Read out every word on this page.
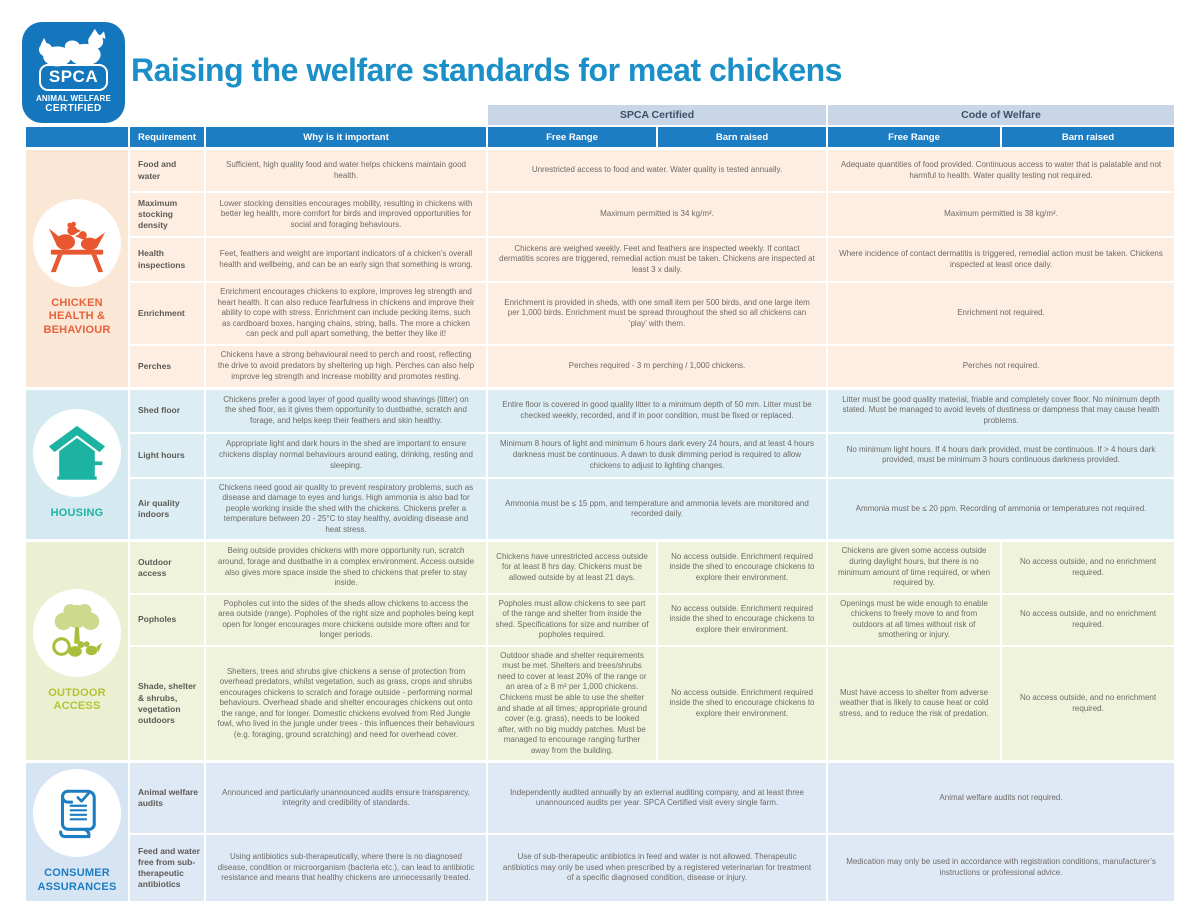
SPCA
ANIMAL WELFARE
CERTIFIED
Raising the welfare standards for meat chickens
			SPCA Certified		Code of Welfare	
	Requirement	Why is it important	Free Range	Barn raised	Free Range	Barn raised

CHICKEN HEALTH & BEHAVIOUR	Food and water	Sufficient, high quality food and water helps chickens maintain good health.	Unrestricted access to food and water. Water quality is tested annually.		Adequate quantities of food provided. Continuous access to water that is palatable and not harmful to health. Water quality testing not required.	
	Maximum stocking density	Lower stocking densities encourages mobility, resulting in chickens with better leg health, more comfort for birds and improved opportunities for social and foraging behaviours.	Maximum permitted is 34 kg/m².		Maximum permitted is 38 kg/m².	
	Health inspections	Feet, feathers and weight are important indicators of a chicken’s overall health and wellbeing, and can be an early sign that something is wrong.	Chickens are weighed weekly. Feet and feathers are inspected weekly. If contact dermatitis scores are triggered, remedial action must be taken. Chickens are inspected at least 3 x daily.		Where incidence of contact dermatitis is triggered, remedial action must be taken. Chickens inspected at least once daily.	
	Enrichment	Enrichment encourages chickens to explore, improves leg strength and heart health. It can also reduce fearfulness in chickens and improve their ability to cope with stress. Enrichment can include pecking items, such as cardboard boxes, hanging chains, string, balls. The more a chicken can peck and pull apart something, the better they like it!	Enrichment is provided in sheds, with one small item per 500 birds, and one large item per 1,000 birds. Enrichment must be spread throughout the shed so all chickens can ‘play’ with them.		Enrichment not required.	
	Perches	Chickens have a strong behavioural need to perch and roost, reflecting the drive to avoid predators by sheltering up high. Perches can also help improve leg strength and increase mobility and promotes resting.	Perches required - 3 m perching / 1,000 chickens.		Perches not required.	

HOUSING	Shed floor	Chickens prefer a good layer of good quality wood shavings (litter) on the shed floor, as it gives them opportunity to dustbathe, scratch and forage, and helps keep their feathers and skin healthy.	Entire floor is covered in good quality litter to a minimum depth of 50 mm. Litter must be checked weekly, recorded, and if in poor condition, must be fixed or replaced.		Litter must be good quality material, friable and completely cover floor. No minimum depth stated. Must be managed to avoid levels of dustiness or dampness that may cause health problems.	
	Light hours	Appropriate light and dark hours in the shed are important to ensure chickens display normal behaviours around eating, drinking, resting and sleeping.	Minimum 8 hours of light and minimum 6 hours dark every 24 hours, and at least 4 hours darkness must be continuous. A dawn to dusk dimming period is required to allow chickens to adjust to lighting changes.		No minimum light hours. If 4 hours dark provided, must be continuous. If > 4 hours dark provided, must be minimum 3 hours continuous darkness provided.	
	Air quality indoors	Chickens need good air quality to prevent respiratory problems, such as disease and damage to eyes and lungs. High ammonia is also bad for people working inside the shed with the chickens. Chickens prefer a temperature between 20 - 25°C to stay healthy, avoiding disease and heat stress.	Ammonia must be ≤ 15 ppm, and temperature and ammonia levels are monitored and recorded daily.		Ammonia must be ≤ 20 ppm. Recording of ammonia or temperatures not required.	

OUTDOOR ACCESS	Outdoor access	Being outside provides chickens with more opportunity run, scratch around, forage and dustbathe in a complex environment. Access outside also gives more space inside the shed to chickens that prefer to stay inside.	Chickens have unrestricted access outside for at least 8 hrs day. Chickens must be allowed outside by at least 21 days.	No access outside. Enrichment required inside the shed to encourage chickens to explore their environment.	Chickens are given some access outside during daylight hours, but there is no minimum amount of time required, or when required by.	No access outside, and no enrichment required.
	Popholes	Popholes cut into the sides of the sheds allow chickens to access the area outside (range). Popholes of the right size and popholes being kept open for longer encourages more chickens outside more often and for longer periods.	Popholes must allow chickens to see part of the range and shelter from inside the shed. Specifications for size and number of popholes required.	No access outside. Enrichment required inside the shed to encourage chickens to explore their environment.	Openings must be wide enough to enable chickens to freely move to and from outdoors at all times without risk of smothering or injury.	No access outside, and no enrichment required.
Shade, shelter & shrubs, vegetation outdoors	Shelters, trees and shrubs give chickens a sense of protection from overhead predators, whilst vegetation, such as grass, crops and shrubs encourages chickens to scratch and forage outside - performing normal behaviours. Overhead shade and shelter encourages chickens out onto the range, and for longer. Domestic chickens evolved from Red Jungle fowl, who lived in the jungle under trees - this influences their behaviours (e.g. foraging, ground scratching) and need for overhead cover.	Outdoor shade and shelter requirements must be met. Shelters and trees/shrubs need to cover at least 20% of the range or an area of ≥ 8 m² per 1,000 chickens. Chickens must be able to use the shelter and shade at all times; appropriate ground cover (e.g. grass), needs to be looked after, with no big muddy patches. Must be managed to encourage ranging further away from the building.	No access outside. Enrichment required inside the shed to encourage chickens to explore their environment.	Must have access to shelter from adverse weather that is likely to cause heat or cold stress, and to reduce the risk of predation.	No access outside, and no enrichment required.

CONSUMER ASSURANCES	Animal welfare audits	Announced and particularly unannounced audits ensure transparency, integrity and credibility of standards.	Independently audited annually by an external auditing company, and at least three unannounced audits per year. SPCA Certified visit every single farm.		Animal welfare audits not required.	
Feed and water free from sub-therapeutic antibiotics	Using antibiotics sub-therapeutically, where there is no diagnosed disease, condition or microorganism (bacteria etc.), can lead to antibiotic resistance and means that healthy chickens are unnecessarily treated.	Use of sub-therapeutic antibiotics in feed and water is not allowed. Therapeutic antibiotics may only be used when prescribed by a registered veterinarian for treatment of a specific diagnosed condition, disease or injury.	Medication may only be used in accordance with registration conditions, manufacturer’s instructions or professional advice.
